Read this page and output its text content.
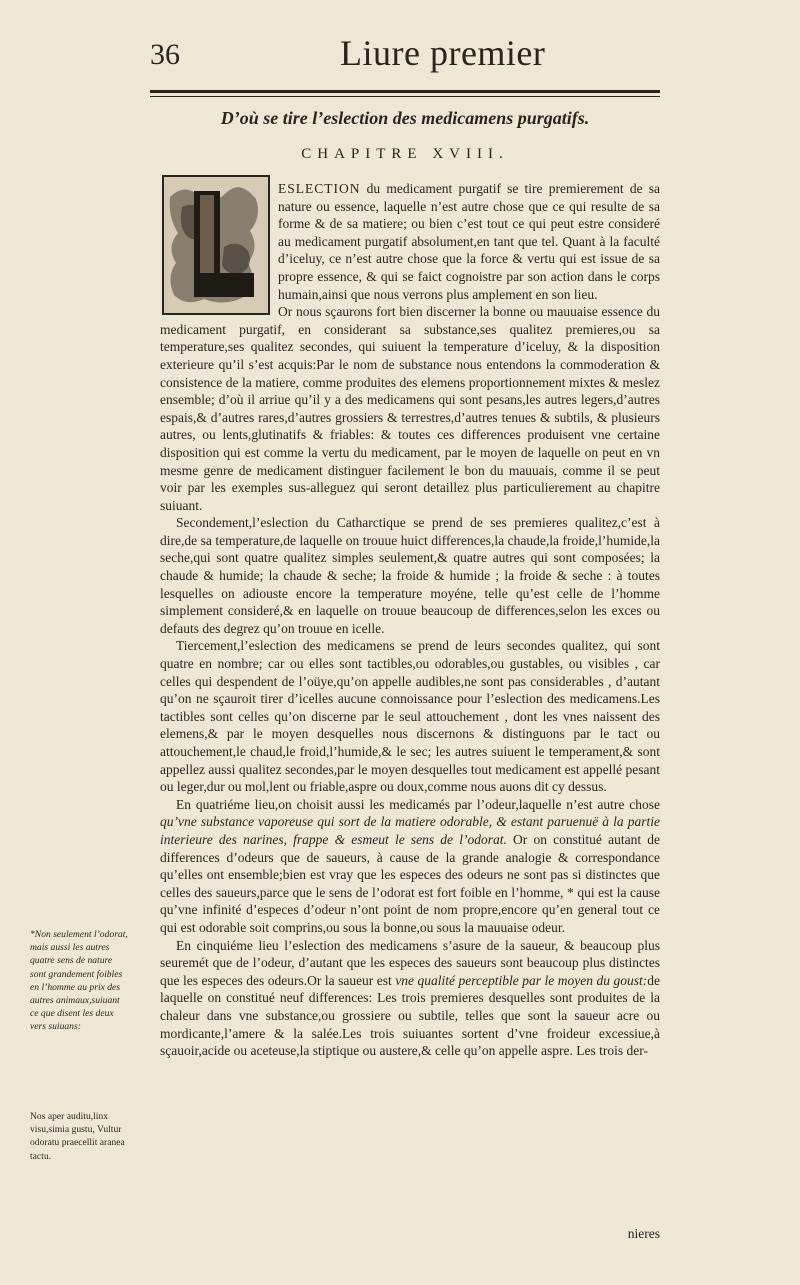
36	Liure premier
D’où se tire l’eslection des medicamens purgatifs.
CHAPITRE XVIII.

ESLECTION du medicament purgatif se tire premierement de sa nature ou essence, laquelle n’est autre chose que ce qui resulte de sa forme & de sa matiere; ou bien c’est tout ce qui peut estre consideré au medicament purgatif absolument,en tant que tel. Quant à la faculté d’iceluy, ce n’est autre chose que la force & vertu qui est issue de sa propre essence, & qui se faict cognoistre par son action dans le corps humain,ainsi que nous verrons plus amplement en son lieu.

Or nous sçaurons fort bien discerner la bonne ou mauuaise essence du medicament purgatif, en considerant sa substance,ses qualitez premieres,ou sa temperature,ses qualitez secondes, qui suiuent la temperature d’iceluy, & la disposition exterieure qu’il s’est acquis:Par le nom de substance nous entendons la commoderation & consistence de la matiere, comme produites des elemens proportionnement mixtes & meslez ensemble; d’où il arriue qu’il y a des medicamens qui sont pesans,les autres legers,d’autres espais,& d’autres rares,d’autres grossiers & terrestres,d’autres tenues & subtils, & plusieurs autres, ou lents,glutinatifs & friables: & toutes ces differences produisent vne certaine disposition qui est comme la vertu du medicament, par le moyen de laquelle on peut en vn mesme genre de medicament distinguer facilement le bon du mauuais, comme il se peut voir par les exemples sus-alleguez qui seront detaillez plus particulierement au chapitre suiuant.

Secondement,l’eslection du Catharctique se prend de ses premieres qualitez,c’est à dire,de sa temperature,de laquelle on trouue huict differences,la chaude,la froide,l’humide,la seche,qui sont quatre qualitez simples seulement,& quatre autres qui sont composées; la chaude & humide; la chaude & seche; la froide & humide ; la froide & seche : à toutes lesquelles on adiouste encore la temperature moyéne, telle qu’est celle de l’homme simplement consideré,& en laquelle on trouue beaucoup de differences,selon les exces ou defauts des degrez qu’on trouue en icelle.

Tiercement,l’eslection des medicamens se prend de leurs secondes qualitez, qui sont quatre en nombre; car ou elles sont tactibles,ou odorables,ou gustables, ou visibles , car celles qui despendent de l’oüye,qu’on appelle audibles,ne sont pas considerables , d’autant qu’on ne sçauroit tirer d’icelles aucune connoissance pour l’eslection des medicamens.Les tactibles sont celles qu’on discerne par le seul attouchement , dont les vnes naissent des elemens,& par le moyen desquelles nous discernons & distinguons par le tact ou attouchement,le chaud,le froid,l’humide,& le sec; les autres suiuent le temperament,& sont appellez aussi qualitez secondes,par le moyen desquelles tout medicament est appellé pesant ou leger,dur ou mol,lent ou friable,aspre ou doux,comme nous auons dit cy dessus.

En quatriéme lieu,on choisit aussi les medicamés par l’odeur,laquelle n’est autre chose qu’vne substance vaporeuse qui sort de la matiere odorable, & estant paruenuë à la partie interieure des narines, frappe & esmeut le sens de l’odorat. Or on constitué autant de differences d’odeurs que de saueurs, à cause de la grande analogie & correspondance qu’elles ont ensemble;bien est vray que les especes des odeurs ne sont pas si distinctes que celles des saueurs,parce que le sens de l’odorat est fort foible en l’homme, * qui est la cause qu’vne infinité d’especes d’odeur n’ont point de nom propre,encore qu’en general tout ce qui est odorable soit comprins,ou sous la bonne,ou sous la mauuaise odeur.

En cinquiéme lieu l’eslection des medicamens s’asure de la saueur, & beaucoup plus seuremét que de l’odeur, d’autant que les especes des saueurs sont beaucoup plus distinctes que les especes des odeurs.Or la saueur est vne qualité perceptible par le moyen du goust:de laquelle on constitué neuf differences: Les trois premieres desquelles sont produites de la chaleur dans vne substance,ou grossiere ou subtile, telles que sont la saueur acre ou mordicante,l’amere & la salée.Les trois suiuantes sortent d’vne froideur excessiue,à sçauoir,acide ou aceteuse,la stiptique ou austere,& celle qu’on appelle aspre. Les trois der-

*Non seulement l’odorat, mais aussi les autres quatre sens de nature sont grandement foibles en l’homme au prix des autres animaux,suiuant ce que disent les deux vers suiuans:
Nos aper auditu,linx visu,simia gustu, Vultur odoratu praecellit aranea tactu.
nieres
